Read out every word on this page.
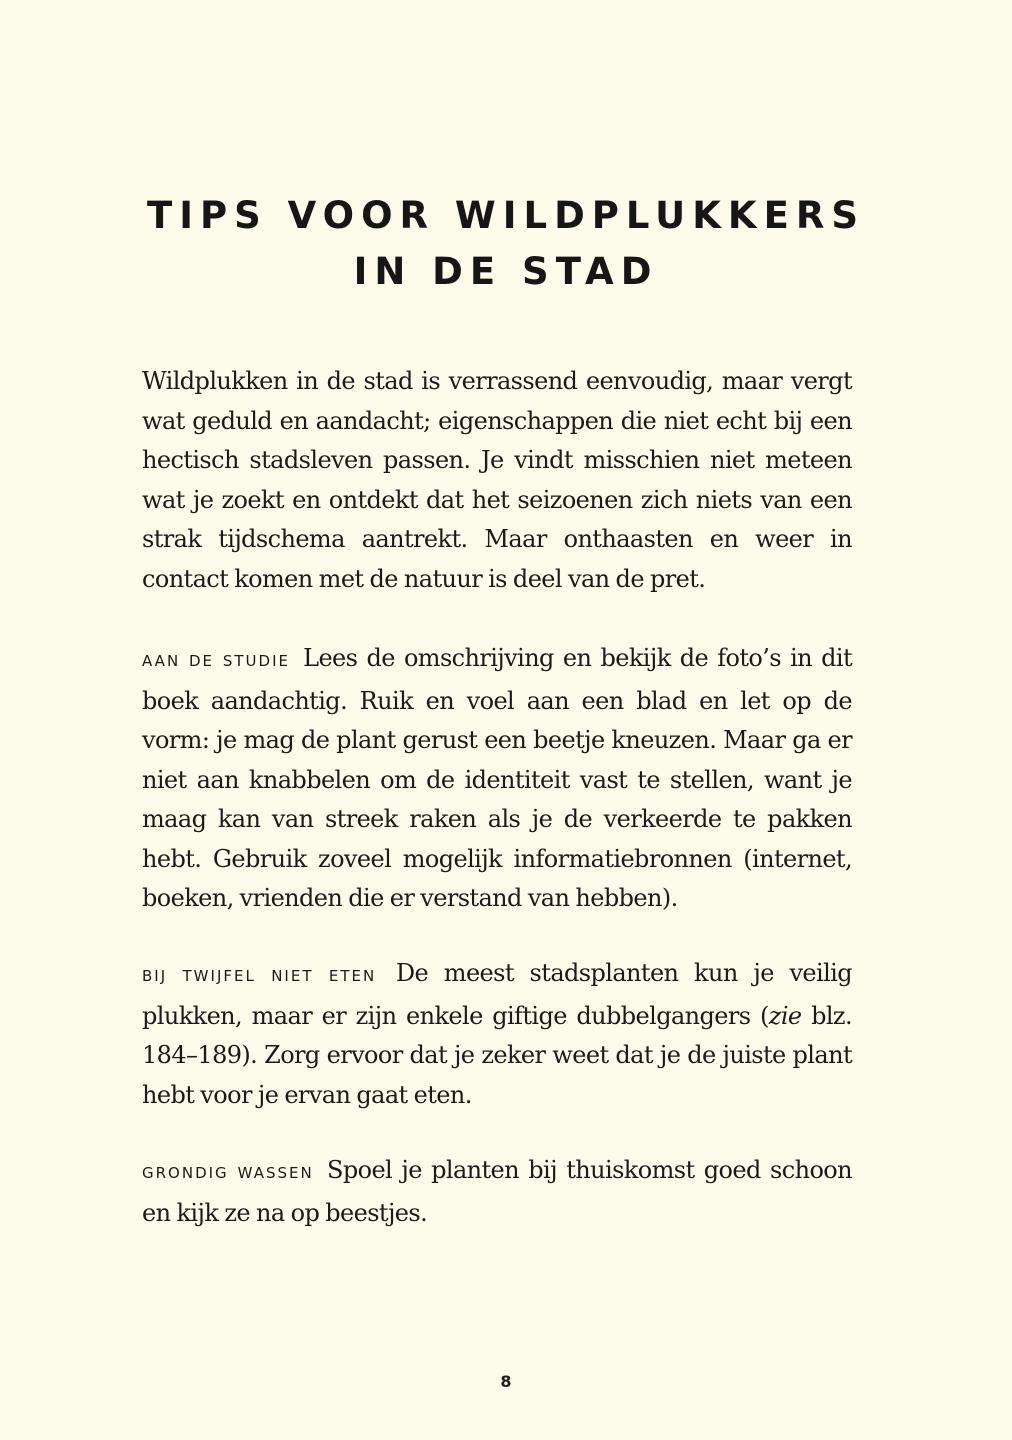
TIPS VOOR WILDPLUKKERS
IN DE STAD

Wildplukken in de stad is verrassend eenvoudig, maar vergt wat geduld en aandacht; eigenschappen die niet echt bij een hectisch stadsleven passen. Je vindt misschien niet meteen wat je zoekt en ontdekt dat het seizoenen zich niets van een strak tijdschema aantrekt. Maar onthaasten en weer in contact komen met de natuur is deel van de pret.

AAN DE STUDIE Lees de omschrijving en bekijk de foto’s in dit boek aandachtig. Ruik en voel aan een blad en let op de vorm: je mag de plant gerust een beetje kneuzen. Maar ga er niet aan knabbelen om de identiteit vast te stellen, want je maag kan van streek raken als je de verkeerde te pakken hebt. Gebruik zoveel mogelijk informatiebronnen (internet, boeken, vrienden die er verstand van hebben).

BIJ TWIJFEL NIET ETEN De meest stadsplanten kun je veilig plukken, maar er zijn enkele giftige dubbelgangers (zie blz. 184–189). Zorg ervoor dat je zeker weet dat je de juiste plant hebt voor je ervan gaat eten.

GRONDIG WASSEN Spoel je planten bij thuiskomst goed schoon en kijk ze na op beestjes.

8
